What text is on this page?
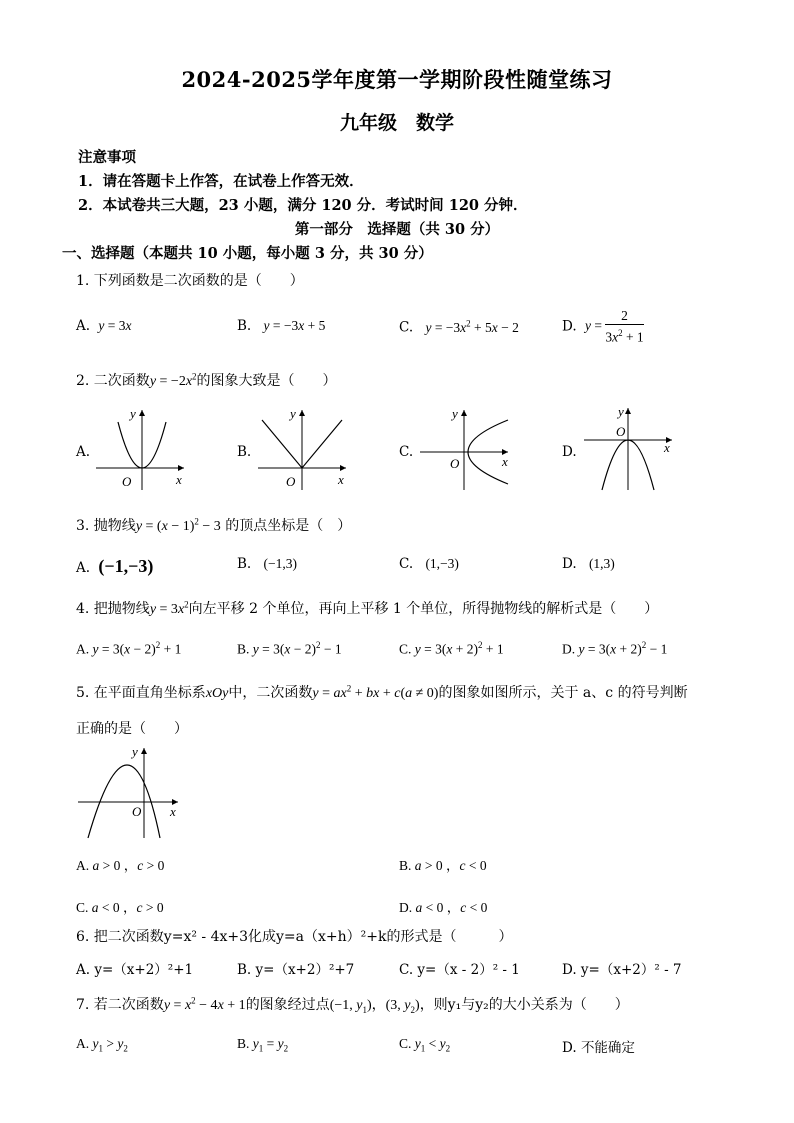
2024-2025学年度第一学期阶段性随堂练习
九年级　数学
注意事项
1．请在答题卡上作答，在试卷上作答无效．
2．本试卷共三大题，23 小题，满分 120 分．考试时间 120 分钟．
第一部分　选择题（共 30 分）
一、选择题（本题共 10 小题，每小题 3 分，共 30 分）
1. 下列函数是二次函数的是（　　）
A. y = 3x	B. y = −3x + 5	C. $y = -3x^2 + 5x - 2$	D. $y = \frac{2}{3x^2 + 1}$
2. 二次函数$y = -2x^2$的图象大致是（　　）
A.
O	x
y
B.
O	x
y
C.
O	x
y
D.
O
x
y
3. 抛物线$y = (x - 1)^2 - 3$ 的顶点坐标是（　）
A. (−1,−3)	B. (−1,3)	C. (1,−3)	D. (1,3)
4. 把抛物线$y = 3x^2$向左平移 2 个单位，再向上平移 1 个单位，所得抛物线的解析式是（　　）
A. $y = 3(x - 2)^2 + 1$	B. $y = 3(x - 2)^2 - 1$	C. $y = 3(x + 2)^2 + 1$	D. $y = 3(x + 2)^2 - 1$
5. 在平面直角坐标系xOy中，二次函数$y = ax^2$ + bx + c(a ≠ 0)的图象如图所示，关于 a、c 的符号判断
正确的是（　　）
O x
y
A. a > 0 ，c > 0	B. a > 0 ，c < 0
C. a < 0 ，c > 0	D. a < 0 ，c < 0
6. 把二次函数y=x² - 4x+3化成y=a（x+h）²+k的形式是（　　　）
A. y=（x+2）²+1	B. y=（x+2）²+7	C. y=（x - 2）² - 1	D. y=（x+2）² - 7
7. 若二次函数$y = x^2 - 4x + 1$的图象经过点(−1, $y_1$)，(3, $y_2$)，则y₁与y₂的大小关系为（　　）
A. $y_1 > y_2$	B. $y_1 = y_2$	C. $y_1 < y_2$	D. 不能确定
